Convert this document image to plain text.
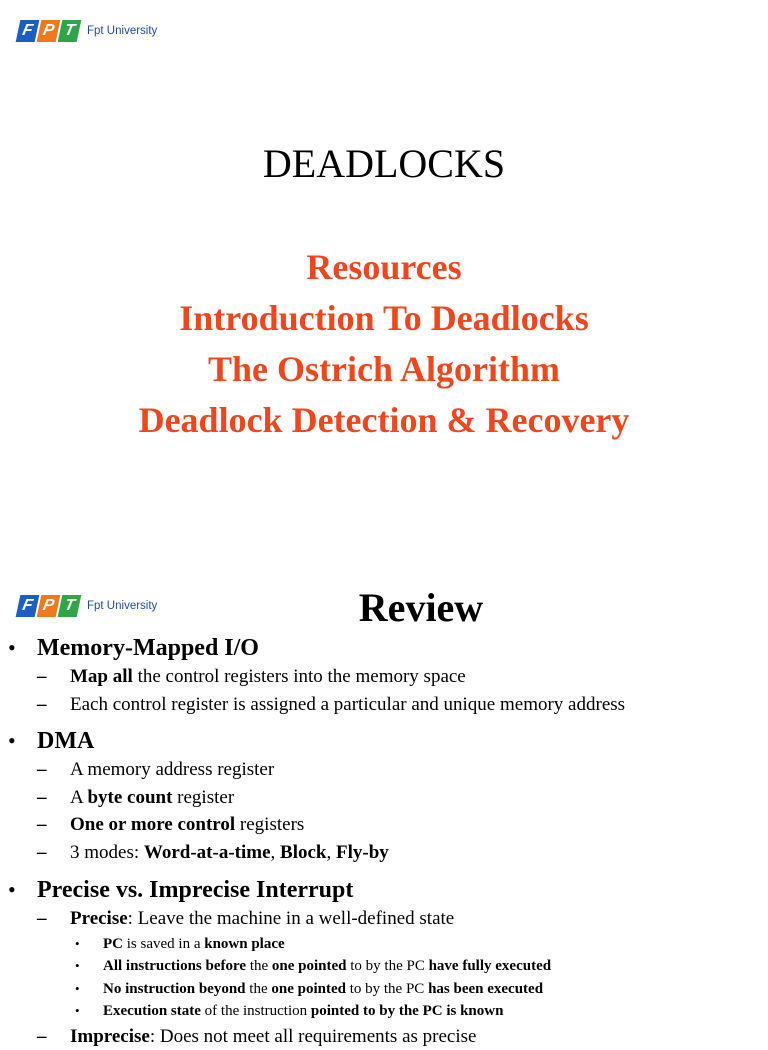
F P T Fpt University
DEADLOCKS
Resources
Introduction To Deadlocks
The Ostrich Algorithm
Deadlock Detection & Recovery
F P T Fpt University	Review
• Memory-Mapped I/O
–	Map all the control registers into the memory space
–	Each control register is assigned a particular and unique memory address
• DMA
–	A memory address register
–	A byte count register
–	One or more control registers
–	3 modes: Word-at-a-time, Block, Fly-by
• Precise vs. Imprecise Interrupt
–	Precise: Leave the machine in a well-defined state
•	PC is saved in a known place
•	All instructions before the one pointed to by the PC have fully executed
•	No instruction beyond the one pointed to by the PC has been executed
•	Execution state of the instruction pointed to by the PC is known
–	Imprecise: Does not meet all requirements as precise
